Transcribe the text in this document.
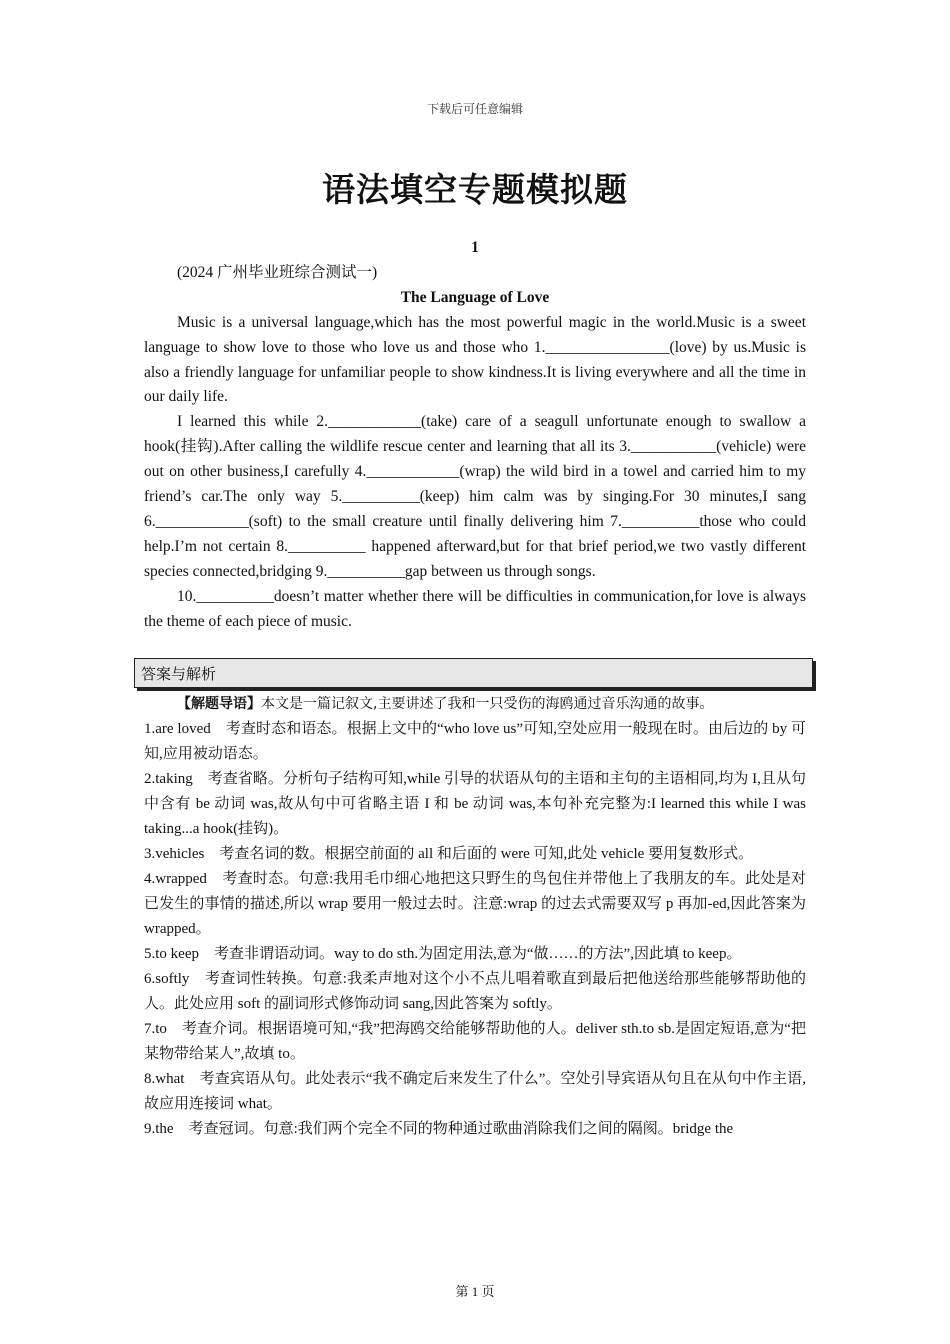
下载后可任意编辑
语法填空专题模拟题
1
(2024 广州毕业班综合测试一)
The Language of Love

Music is a universal language,which has the most powerful magic in the world.Music is a sweet language to show love to those who love us and those who 1.________________(love) by us.Music is also a friendly language for unfamiliar people to show kindness.It is living everywhere and all the time in our daily life.

I learned this while 2.____________(take) care of a seagull unfortunate enough to swallow a hook(挂钩).After calling the wildlife rescue center and learning that all its 3.___________(vehicle) were out on other business,I carefully 4.____________(wrap) the wild bird in a towel and carried him to my friend’s car.The only way 5.__________(keep) him calm was by singing.For 30 minutes,I sang 6.____________(soft) to the small creature until finally delivering him 7.__________those who could help.I’m not certain 8.__________ happened afterward,but for that brief period,we two vastly different species connected,bridging 9.__________gap between us through songs.

10.__________doesn’t matter whether there will be difficulties in communication,for love is always the theme of each piece of music.

答案与解析

【解题导语】本文是一篇记叙文,主要讲述了我和一只受伤的海鸥通过音乐沟通的故事。

1.are loved　考查时态和语态。根据上文中的“who love us”可知,空处应用一般现在时。由后边的 by 可知,应用被动语态。

2.taking　考查省略。分析句子结构可知,while 引导的状语从句的主语和主句的主语相同,均为 I,且从句中含有 be 动词 was,故从句中可省略主语 I 和 be 动词 was,本句补充完整为:I learned this while I was taking...a hook(挂钩)。

3.vehicles　考查名词的数。根据空前面的 all 和后面的 were 可知,此处 vehicle 要用复数形式。

4.wrapped　考查时态。句意:我用毛巾细心地把这只野生的鸟包住并带他上了我朋友的车。此处是对已发生的事情的描述,所以 wrap 要用一般过去时。注意:wrap 的过去式需要双写 p 再加-ed,因此答案为 wrapped。

5.to keep　考查非谓语动词。way to do sth.为固定用法,意为“做……的方法”,因此填 to keep。

6.softly　考查词性转换。句意:我柔声地对这个小不点儿唱着歌直到最后把他送给那些能够帮助他的人。此处应用 soft 的副词形式修饰动词 sang,因此答案为 softly。

7.to　考查介词。根据语境可知,“我”把海鸥交给能够帮助他的人。deliver sth.to sb.是固定短语,意为“把某物带给某人”,故填 to。

8.what　考查宾语从句。此处表示“我不确定后来发生了什么”。空处引导宾语从句且在从句中作主语,故应用连接词 what。

9.the　考查冠词。句意:我们两个完全不同的物种通过歌曲消除我们之间的隔阂。bridge the

第 1 页
